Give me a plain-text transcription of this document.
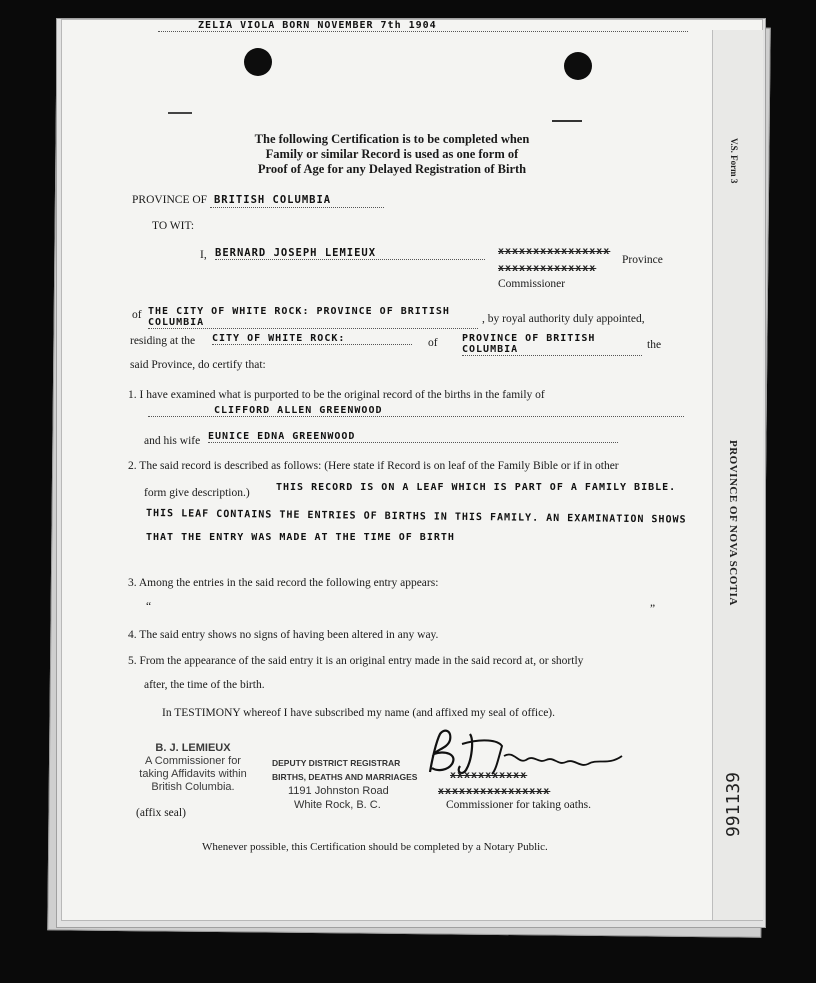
V.S. Form 3
PROVINCE OF NOVA SCOTIA
991139

The following Certification is to be completed when
Family or similar Record is used as one form of
Proof of Age for any Delayed Registration of Birth
PROVINCE OF BRITISH COLUMBIA
TO WIT:
I, BERNARD JOSEPH LEMIEUX	xxxxxxxxxxxxxxxx
Province
xxxxxxxxxxxxxx
Commissioner
of THE CITY OF WHITE ROCK: PROVINCE OF BRITISH COLUMBIA	, by royal authority duly appointed,
residing at the CITY OF WHITE ROCK:	of PROVINCE OF BRITISH COLUMBIA	the
said Province, do certify that:
1. I have examined what is purported to be the original record of the births in the family of
CLIFFORD ALLEN GREENWOOD
and his wife EUNICE EDNA GREENWOOD
2. The said record is described as follows: (Here state if Record is on leaf of the Family Bible or if in other
form give description.)	THIS RECORD IS ON A LEAF WHICH IS PART OF A FAMILY BIBLE.
THIS LEAF CONTAINS THE ENTRIES OF BIRTHS IN THIS FAMILY. AN EXAMINATION SHOWS
THAT THE ENTRY WAS MADE AT THE TIME OF BIRTH
3. Among the entries in the said record the following entry appears:
“
ZELIA VIOLA BORN NOVEMBER 7th 1904
”
4. The said entry shows no signs of having been altered in any way.
5. From the appearance of the said entry it is an original entry made in the said record at, or shortly
after, the time of the birth.
In TESTIMONY whereof I have subscribed my name (and affixed my seal of office).
B. J. LEMIEUX
A Commissioner for
taking Affidavits within
British Columbia.
DEPUTY DISTRICT REGISTRAR
BIRTHS, DEATHS AND MARRIAGES
1191 Johnston Road
White Rock, B. C.
xxxxxxxxxxx
xxxxxxxxxxxxxxxx
Commissioner for taking oaths.
(affix seal)
Whenever possible, this Certification should be completed by a Notary Public.
